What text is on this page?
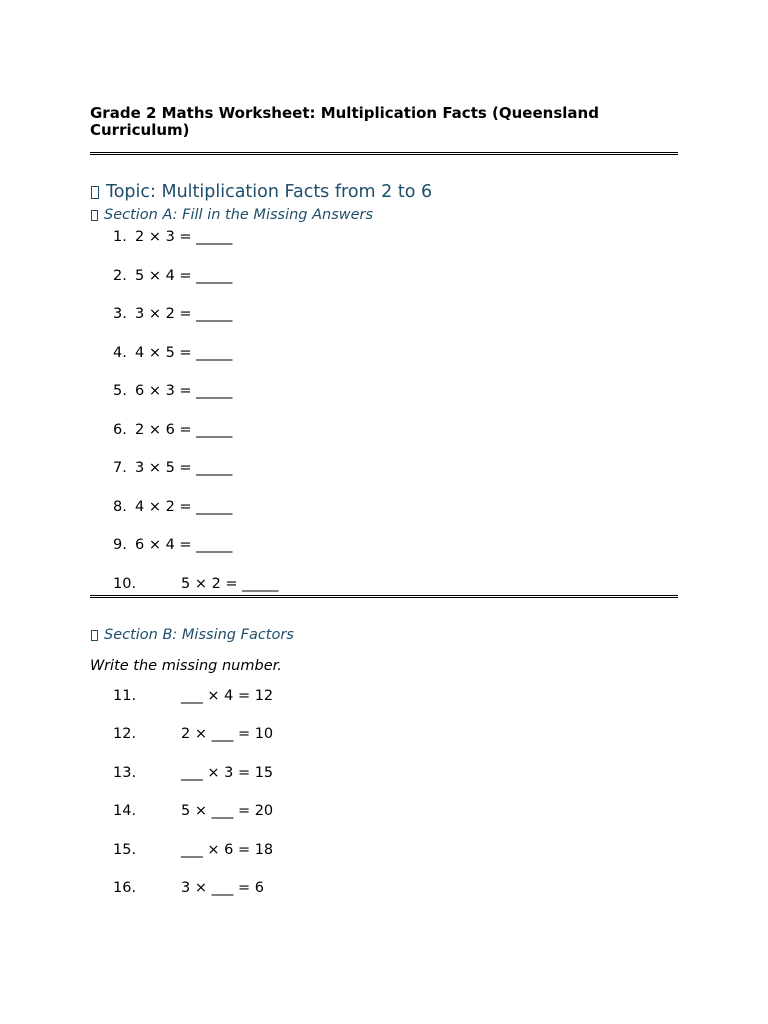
Grade 2 Maths Worksheet: Multiplication Facts (Queensland Curriculum)
Topic: Multiplication Facts from 2 to 6
Section A: Fill in the Missing Answers
1. 2 × 3 = _____
2. 5 × 4 = _____
3. 3 × 2 = _____
4. 4 × 5 = _____
5. 6 × 3 = _____
6. 2 × 6 = _____
7. 3 × 5 = _____
8. 4 × 2 = _____
9. 6 × 4 = _____
10.	5 × 2 = _____
Section B: Missing Factors
Write the missing number.
11.	___ × 4 = 12
12.	2 × ___ = 10
13.	___ × 3 = 15
14.	5 × ___ = 20
15.	___ × 6 = 18
16.	3 × ___ = 6
